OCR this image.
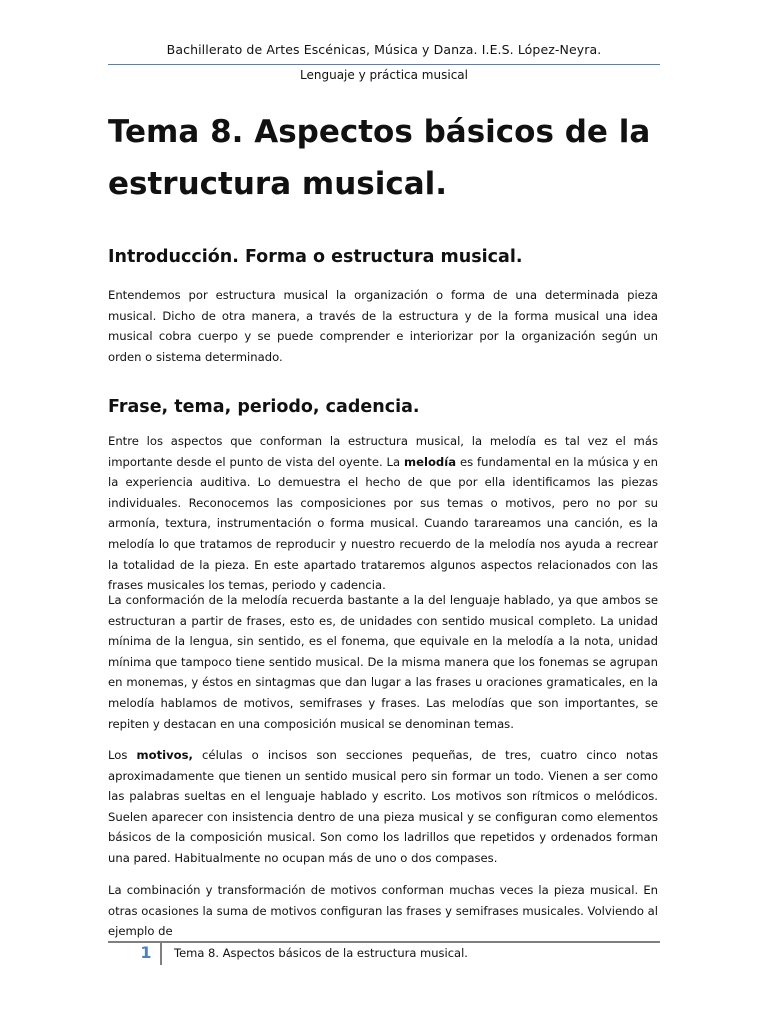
Bachillerato de Artes Escénicas, Música y Danza. I.E.S. López-Neyra.
Lenguaje y práctica musical
Tema 8. Aspectos básicos de la estructura musical.
Introducción. Forma o estructura musical.

Entendemos por estructura musical la organización o forma de una determinada pieza musical. Dicho de otra manera, a través de la estructura y de la forma musical una idea musical cobra cuerpo y se puede comprender e interiorizar por la organización según un orden o sistema determinado.

Frase, tema, periodo, cadencia.

Entre los aspectos que conforman la estructura musical, la melodía es tal vez el más importante desde el punto de vista del oyente. La melodía es fundamental en la música y en la experiencia auditiva. Lo demuestra el hecho de que por ella identificamos las piezas individuales. Reconocemos las composiciones por sus temas o motivos, pero no por su armonía, textura, instrumentación o forma musical. Cuando tarareamos una canción, es la melodía lo que tratamos de reproducir y nuestro recuerdo de la melodía nos ayuda a recrear la totalidad de la pieza. En este apartado trataremos algunos aspectos relacionados con las frases musicales los temas, periodo y cadencia.

La conformación de la melodía recuerda bastante a la del lenguaje hablado, ya que ambos se estructuran a partir de frases, esto es, de unidades con sentido musical completo. La unidad mínima de la lengua, sin sentido, es el fonema, que equivale en la melodía a la nota, unidad mínima que tampoco tiene sentido musical. De la misma manera que los fonemas se agrupan en monemas, y éstos en sintagmas que dan lugar a las frases u oraciones gramaticales, en la melodía hablamos de motivos, semifrases y frases. Las melodías que son importantes, se repiten y destacan en una composición musical se denominan temas.

Los motivos, células o incisos son secciones pequeñas, de tres, cuatro cinco notas aproximadamente que tienen un sentido musical pero sin formar un todo. Vienen a ser como las palabras sueltas en el lenguaje hablado y escrito. Los motivos son rítmicos o melódicos. Suelen aparecer con insistencia dentro de una pieza musical y se configuran como elementos básicos de la composición musical. Son como los ladrillos que repetidos y ordenados forman una pared. Habitualmente no ocupan más de uno o dos compases.

La combinación y transformación de motivos conforman muchas veces la pieza musical. En otras ocasiones la suma de motivos configuran las frases y semifrases musicales. Volviendo al ejemplo de

1	Tema 8. Aspectos básicos de la estructura musical.
